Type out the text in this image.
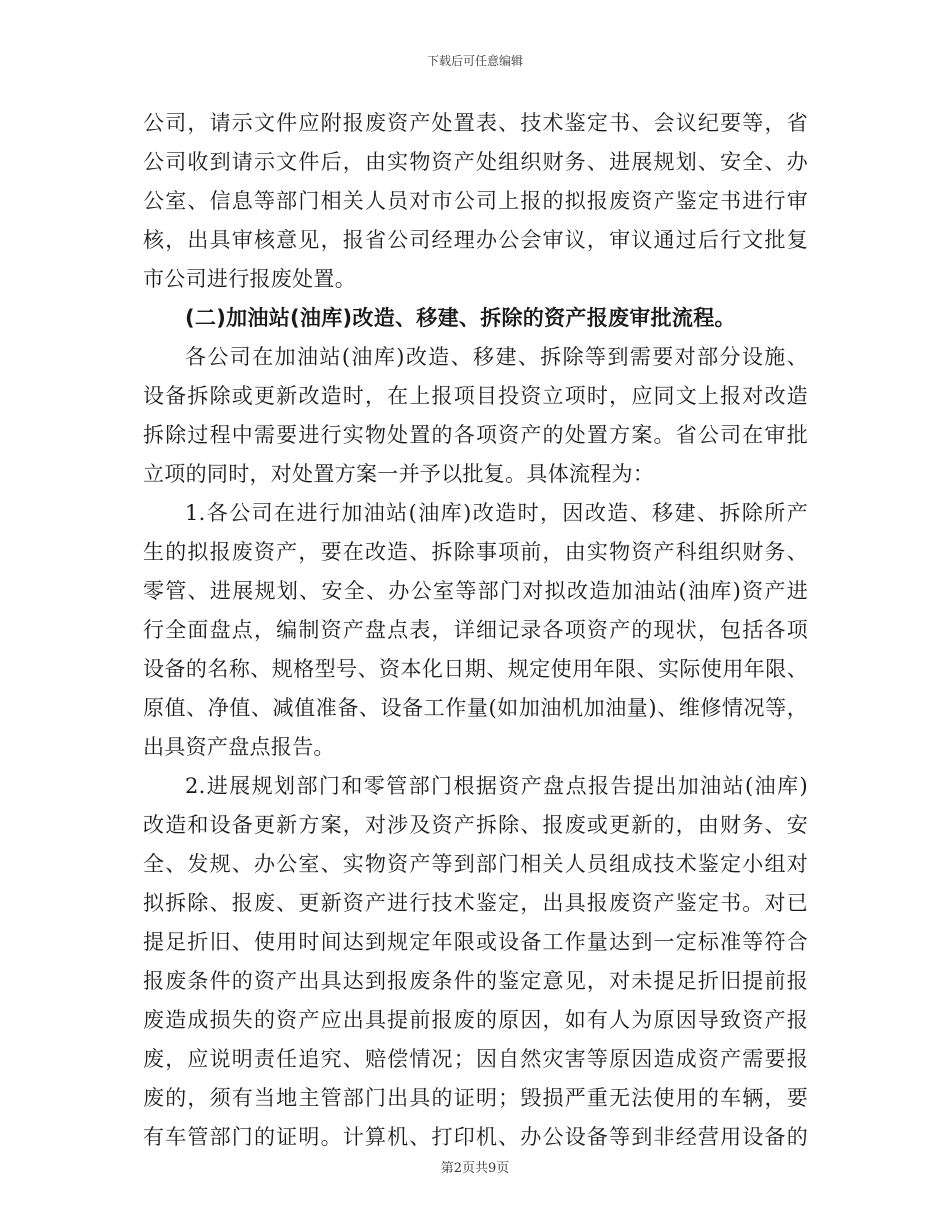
下载后可任意编辑
公司，请示文件应附报废资产处置表、技术鉴定书、会议纪要等，省
公司收到请示文件后，由实物资产处组织财务、进展规划、安全、办
公室、信息等部门相关人员对市公司上报的拟报废资产鉴定书进行审
核，出具审核意见，报省公司经理办公会审议，审议通过后行文批复
市公司进行报废处置。
(二)加油站(油库)改造、移建、拆除的资产报废审批流程。
各公司在加油站(油库)改造、移建、拆除等到需要对部分设施、
设备拆除或更新改造时，在上报项目投资立项时，应同文上报对改造
拆除过程中需要进行实物处置的各项资产的处置方案。省公司在审批
立项的同时，对处置方案一并予以批复。具体流程为：
1.各公司在进行加油站(油库)改造时，因改造、移建、拆除所产
生的拟报废资产，要在改造、拆除事项前，由实物资产科组织财务、
零管、进展规划、安全、办公室等部门对拟改造加油站(油库)资产进
行全面盘点，编制资产盘点表，详细记录各项资产的现状，包括各项
设备的名称、规格型号、资本化日期、规定使用年限、实际使用年限、
原值、净值、减值准备、设备工作量(如加油机加油量)、维修情况等，
出具资产盘点报告。
2.进展规划部门和零管部门根据资产盘点报告提出加油站(油库)
改造和设备更新方案，对涉及资产拆除、报废或更新的，由财务、安
全、发规、办公室、实物资产等到部门相关人员组成技术鉴定小组对
拟拆除、报废、更新资产进行技术鉴定，出具报废资产鉴定书。对已
提足折旧、使用时间达到规定年限或设备工作量达到一定标准等符合
报废条件的资产出具达到报废条件的鉴定意见，对未提足折旧提前报
废造成损失的资产应出具提前报废的原因，如有人为原因导致资产报
废，应说明责任追究、赔偿情况；因自然灾害等原因造成资产需要报
废的，须有当地主管部门出具的证明；毁损严重无法使用的车辆，要
有车管部门的证明。计算机、打印机、办公设备等到非经营用设备的
第2页共9页
